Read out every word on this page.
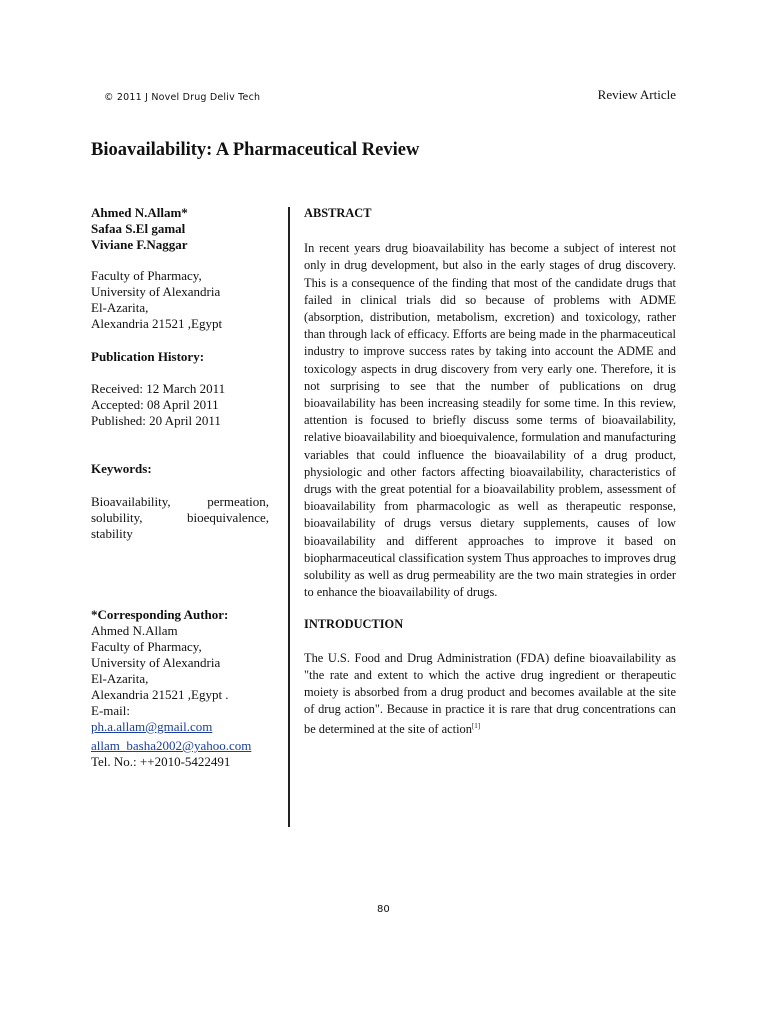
© 2011 J Novel Drug Deliv Tech	Review Article
Bioavailability: A Pharmaceutical Review

Ahmed N.Allam*
Safaa S.El gamal
Viviane F.Naggar

Faculty of Pharmacy,
University of Alexandria
El-Azarita,
Alexandria 21521 ,Egypt

Publication History:

Received: 12 March 2011
Accepted: 08 April 2011
Published: 20 April 2011

Keywords:

Bioavailability, permeation, solubility, bioequivalence, stability

*Corresponding Author:

Ahmed N.Allam
Faculty of Pharmacy,
University of Alexandria
El-Azarita,
Alexandria 21521 ,Egypt .
E-mail:
ph.a.allam@gmail.com
allam_basha2002@yahoo.com
Tel. No.: ++2010-5422491

ABSTRACT

In recent years drug bioavailability has become a subject of interest not only in drug development, but also in the early stages of drug discovery. This is a consequence of the finding that most of the candidate drugs that failed in clinical trials did so because of problems with ADME (absorption, distribution, metabolism, excretion) and toxicology, rather than through lack of efficacy. Efforts are being made in the pharmaceutical industry to improve success rates by taking into account the ADME and toxicology aspects in drug discovery from very early one. Therefore, it is not surprising to see that the number of publications on drug bioavailability has been increasing steadily for some time. In this review, attention is focused to briefly discuss some terms of bioavailability, relative bioavailability and bioequivalence, formulation and manufacturing variables that could influence the bioavailability of a drug product, physiologic and other factors affecting bioavailability, characteristics of drugs with the great potential for a bioavailability problem, assessment of bioavailability from pharmacologic as well as therapeutic response, bioavailability of drugs versus dietary supplements, causes of low bioavailability and different approaches to improve it based on biopharmaceutical classification system Thus approaches to improves drug solubility as well as drug permeability are the two main strategies in order to enhance the bioavailability of drugs.

INTRODUCTION

The U.S. Food and Drug Administration (FDA) define bioavailability as "the rate and extent to which the active drug ingredient or therapeutic moiety is absorbed from a drug product and becomes available at the site of drug action". Because in practice it is rare that drug concentrations can be determined at the site of action[1]

80
